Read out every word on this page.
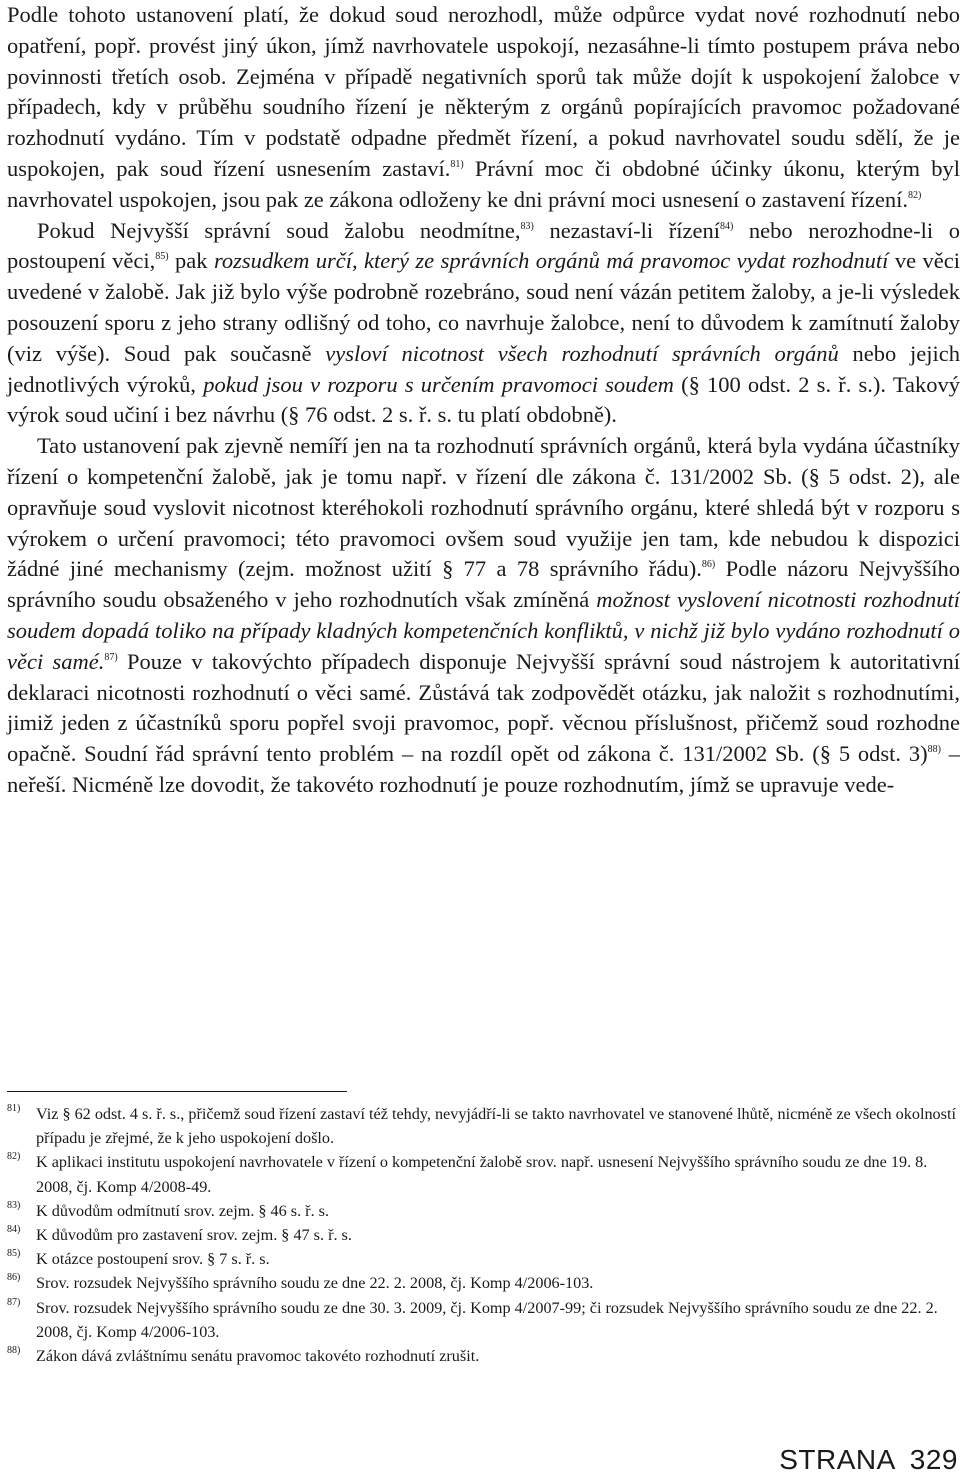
Podle tohoto ustanovení platí, že dokud soud nerozhodl, může odpůrce vydat nové rozhodnutí nebo opatření, popř. provést jiný úkon, jímž navrhovatele uspokojí, nezasáhne-li tímto postupem práva nebo povinnosti třetích osob. Zejména v případě negativních sporů tak může dojít k uspokojení žalobce v případech, kdy v průběhu soudního řízení je některým z orgánů popírajících pravomoc požadované rozhodnutí vydáno. Tím v podstatě odpadne předmět řízení, a pokud navrhovatel soudu sdělí, že je uspokojen, pak soud řízení usnesením zastaví.$^{81)}$ Právní moc či obdobné účinky úkonu, kterým byl navrhovatel uspokojen, jsou pak ze zákona odloženy ke dni právní moci usnesení o zastavení řízení.$^{82)}$

Pokud Nejvyšší správní soud žalobu neodmítne,$^{83)}$ nezastaví-li řízení$^{84)}$ nebo nerozhodne-li o postoupení věci,$^{85)}$ pak rozsudkem určí, který ze správních orgánů má pravomoc vydat rozhodnutí ve věci uvedené v žalobě. Jak již bylo výše podrobně rozebráno, soud není vázán petitem žaloby, a je-li výsledek posouzení sporu z jeho strany odlišný od toho, co navrhuje žalobce, není to důvodem k zamítnutí žaloby (viz výše). Soud pak současně vysloví nicotnost všech rozhodnutí správních orgánů nebo jejich jednotlivých výroků, pokud jsou v rozporu s určením pravomoci soudem (§ 100 odst. 2 s. ř. s.). Takový výrok soud učiní i bez návrhu (§ 76 odst. 2 s. ř. s. tu platí obdobně).

Tato ustanovení pak zjevně nemíří jen na ta rozhodnutí správních orgánů, která byla vydána účastníky řízení o kompetenční žalobě, jak je tomu např. v řízení dle zákona č. 131/2002 Sb. (§ 5 odst. 2), ale opravňuje soud vyslovit nicotnost kteréhokoli rozhodnutí správního orgánu, které shledá být v rozporu s výrokem o určení pravomoci; této pravomoci ovšem soud využije jen tam, kde nebudou k dispozici žádné jiné mechanismy (zejm. možnost užití § 77 a 78 správního řádu).$^{86)}$ Podle názoru Nejvyššího správního soudu obsaženého v jeho rozhodnutích však zmíněná možnost vyslovení nicotnosti rozhodnutí soudem dopadá toliko na případy kladných kompetenčních konfliktů, v nichž již bylo vydáno rozhodnutí o věci samé.$^{87)}$ Pouze v takovýchto případech disponuje Nejvyšší správní soud nástrojem k autoritativní deklaraci nicotnosti rozhodnutí o věci samé. Zůstává tak zodpovědět otázku, jak naložit s rozhodnutími, jimiž jeden z účastníků sporu popřel svoji pravomoc, popř. věcnou příslušnost, přičemž soud rozhodne opačně. Soudní řád správní tento problém – na rozdíl opět od zákona č. 131/2002 Sb. (§ 5 odst. 3)$^{88)}$ – neřeší. Nicméně lze dovodit, že takovéto rozhodnutí je pouze rozhodnutím, jímž se upravuje vede-

81) Viz § 62 odst. 4 s. ř. s., přičemž soud řízení zastaví též tehdy, nevyjádří-li se takto navrhovatel ve stanovené lhůtě, nicméně ze všech okolností případu je zřejmé, že k jeho uspokojení došlo.
82) K aplikaci institutu uspokojení navrhovatele v řízení o kompetenční žalobě srov. např. usnesení Nejvyššího správního soudu ze dne 19. 8. 2008, čj. Komp 4/2008-49.
83) K důvodům odmítnutí srov. zejm. § 46 s. ř. s.
84) K důvodům pro zastavení srov. zejm. § 47 s. ř. s.
85) K otázce postoupení srov. § 7 s. ř. s.
86) Srov. rozsudek Nejvyššího správního soudu ze dne 22. 2. 2008, čj. Komp 4/2006-103.
87) Srov. rozsudek Nejvyššího správního soudu ze dne 30. 3. 2009, čj. Komp 4/2007-99; či rozsudek Nejvyššího správního soudu ze dne 22. 2. 2008, čj. Komp 4/2006-103.
88) Zákon dává zvláštnímu senátu pravomoc takovéto rozhodnutí zrušit.
STRANA 329
